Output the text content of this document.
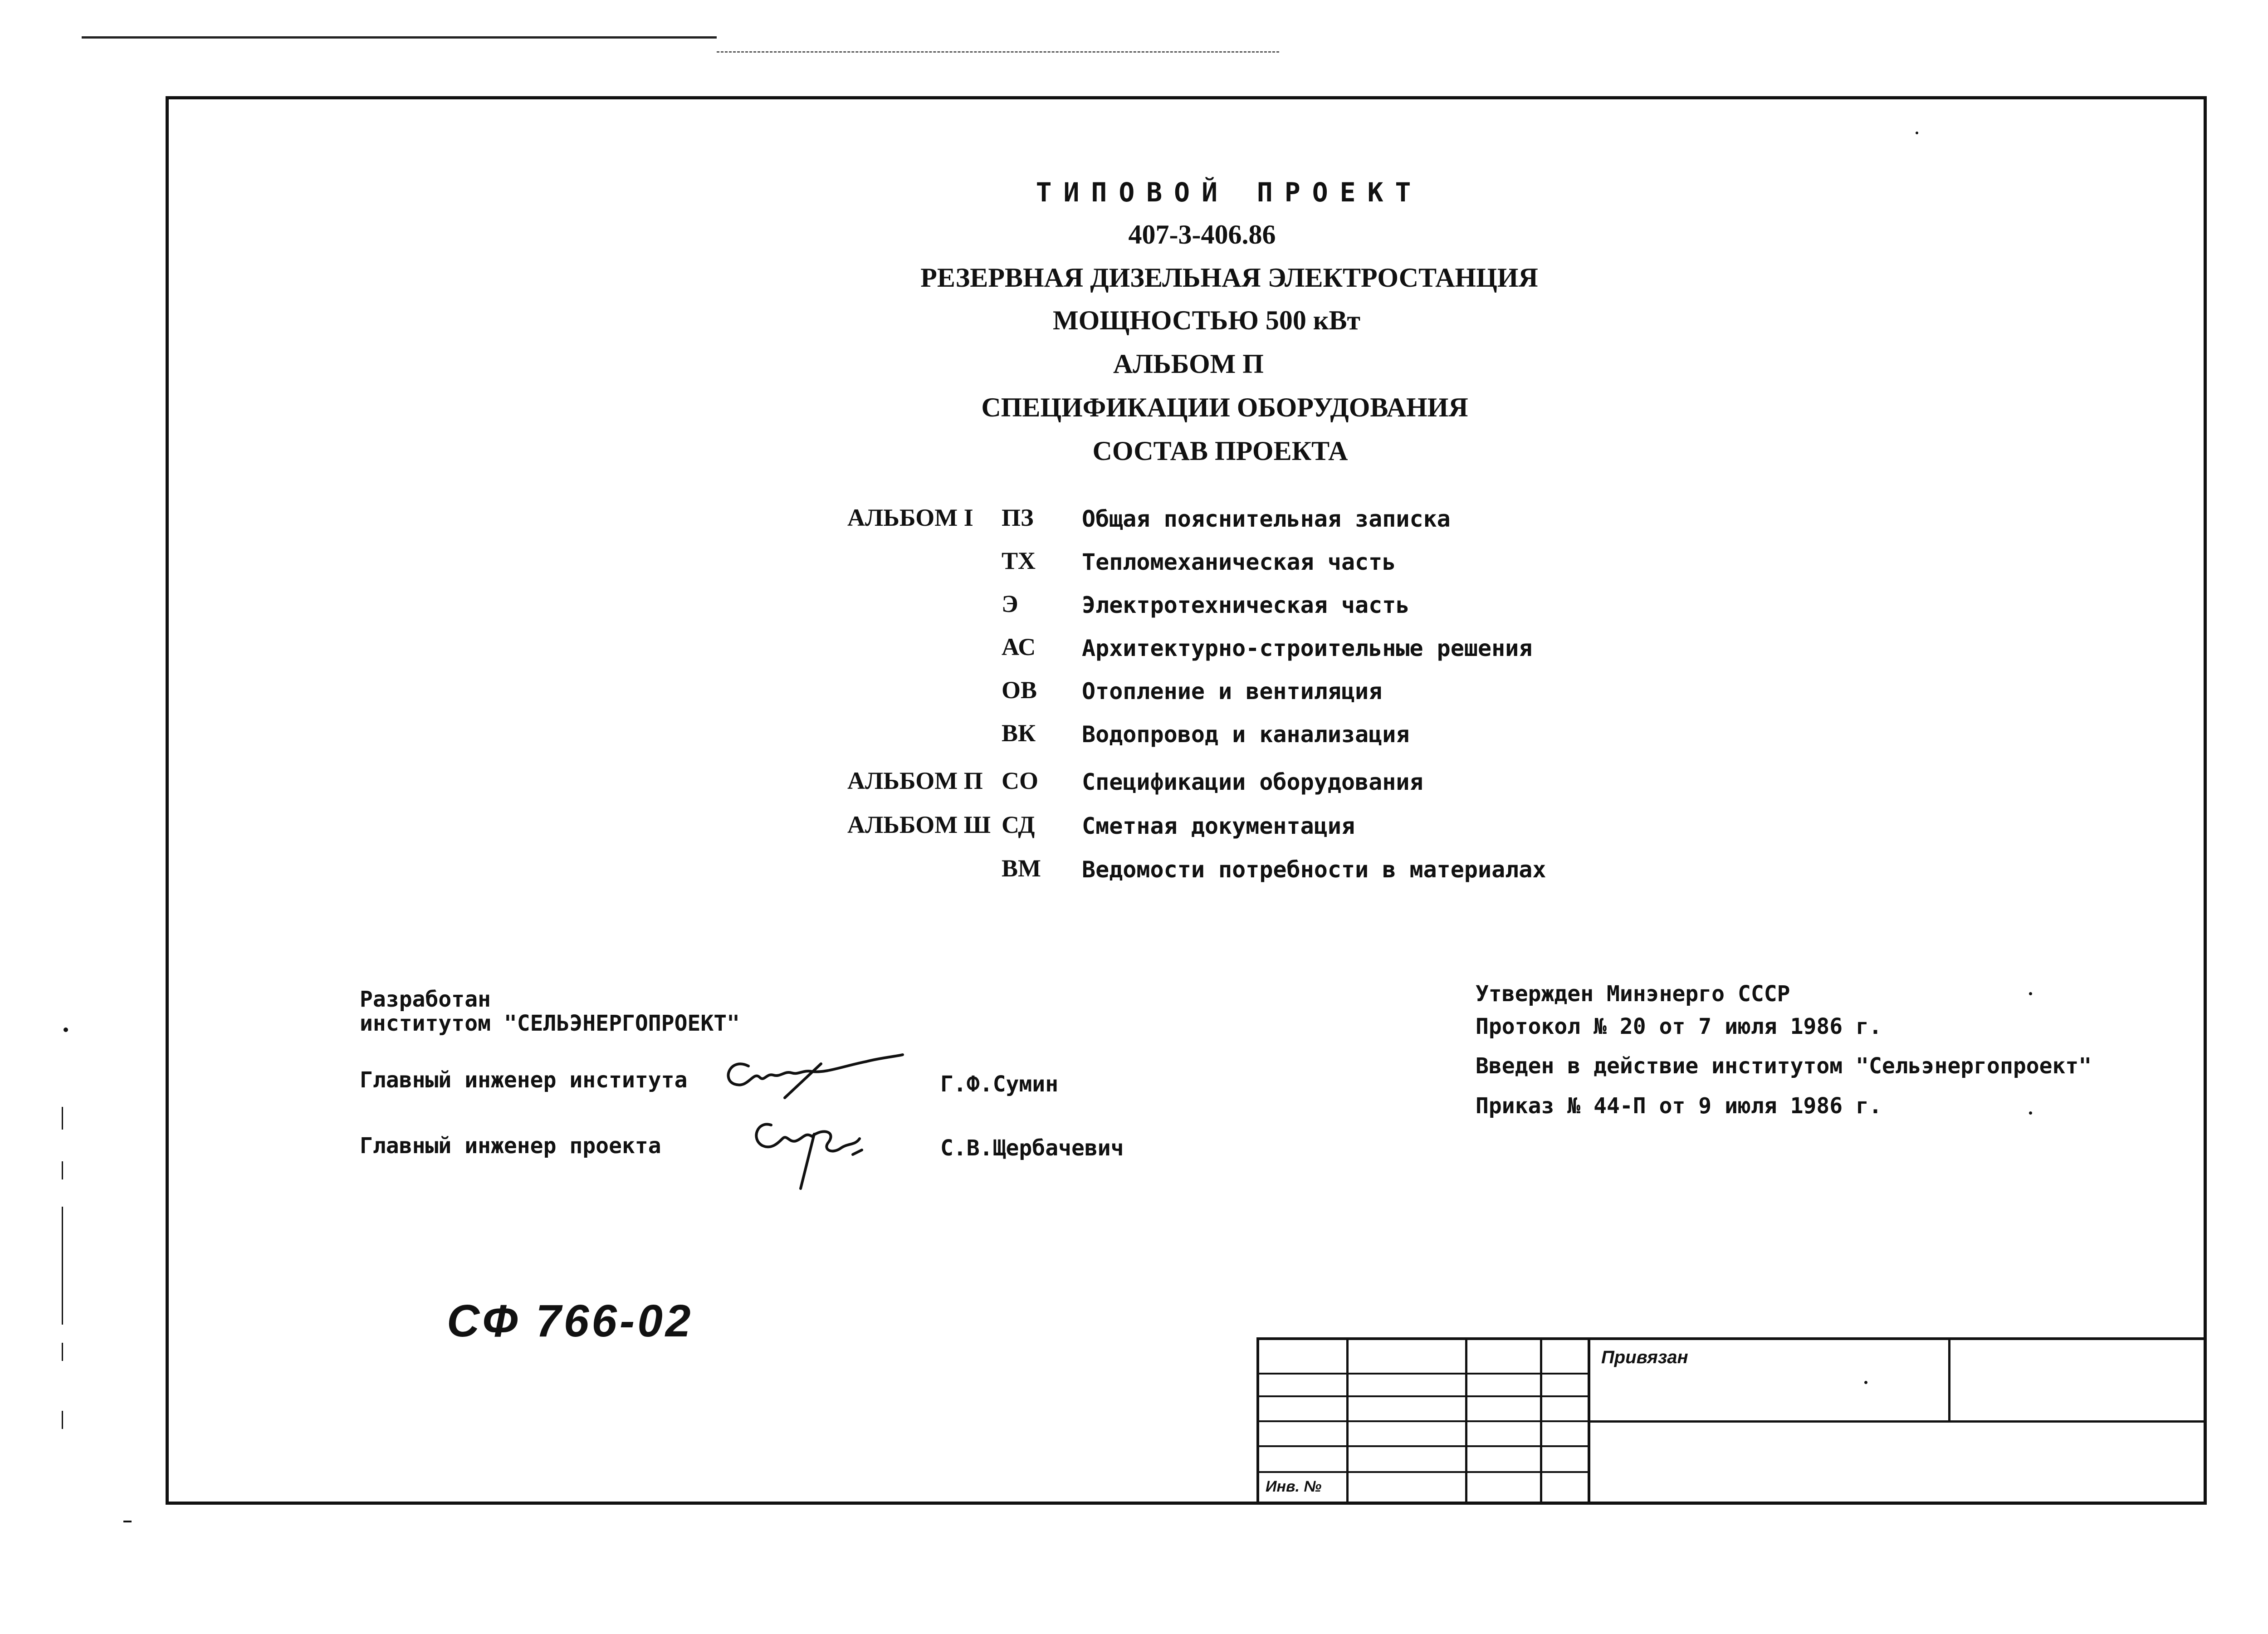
ТИПОВОЙ ПРОЕКТ
407-3-406.86
РЕЗЕРВНАЯ ДИЗЕЛЬНАЯ ЭЛЕКТРОСТАНЦИЯ
МОЩНОСТЬЮ 500 кВт
АЛЬБОМ П
СПЕЦИФИКАЦИИ ОБОРУДОВАНИЯ
СОСТАВ ПРОЕКТА
АЛЬБОМ I ПЗ Общая пояснительная записка
ТХ Тепломеханическая часть
Э	Электротехническая часть
АС Архитектурно-строительные решения
ОВ Отопление и вентиляция
ВК Водопровод и канализация
АЛЬБОМ П СО Спецификации оборудования
АЛЬБОМ Ш СД Сметная документация
ВМ Ведомости потребности в материалах
Разработан
институтом "СЕЛЬЭНЕРГОПРОЕКТ"
Главный инженер института	Г.Ф.Сумин
Главный инженер проекта	С.В.Щербачевич
Утвержден Минэнерго СССР
Протокол № 20 от 7 июля 1986 г.
Введен в действие институтом "Сельэнергопроект"
Приказ № 44-П от 9 июля 1986 г.
СФ 766-02
Привязан
Инв. №
